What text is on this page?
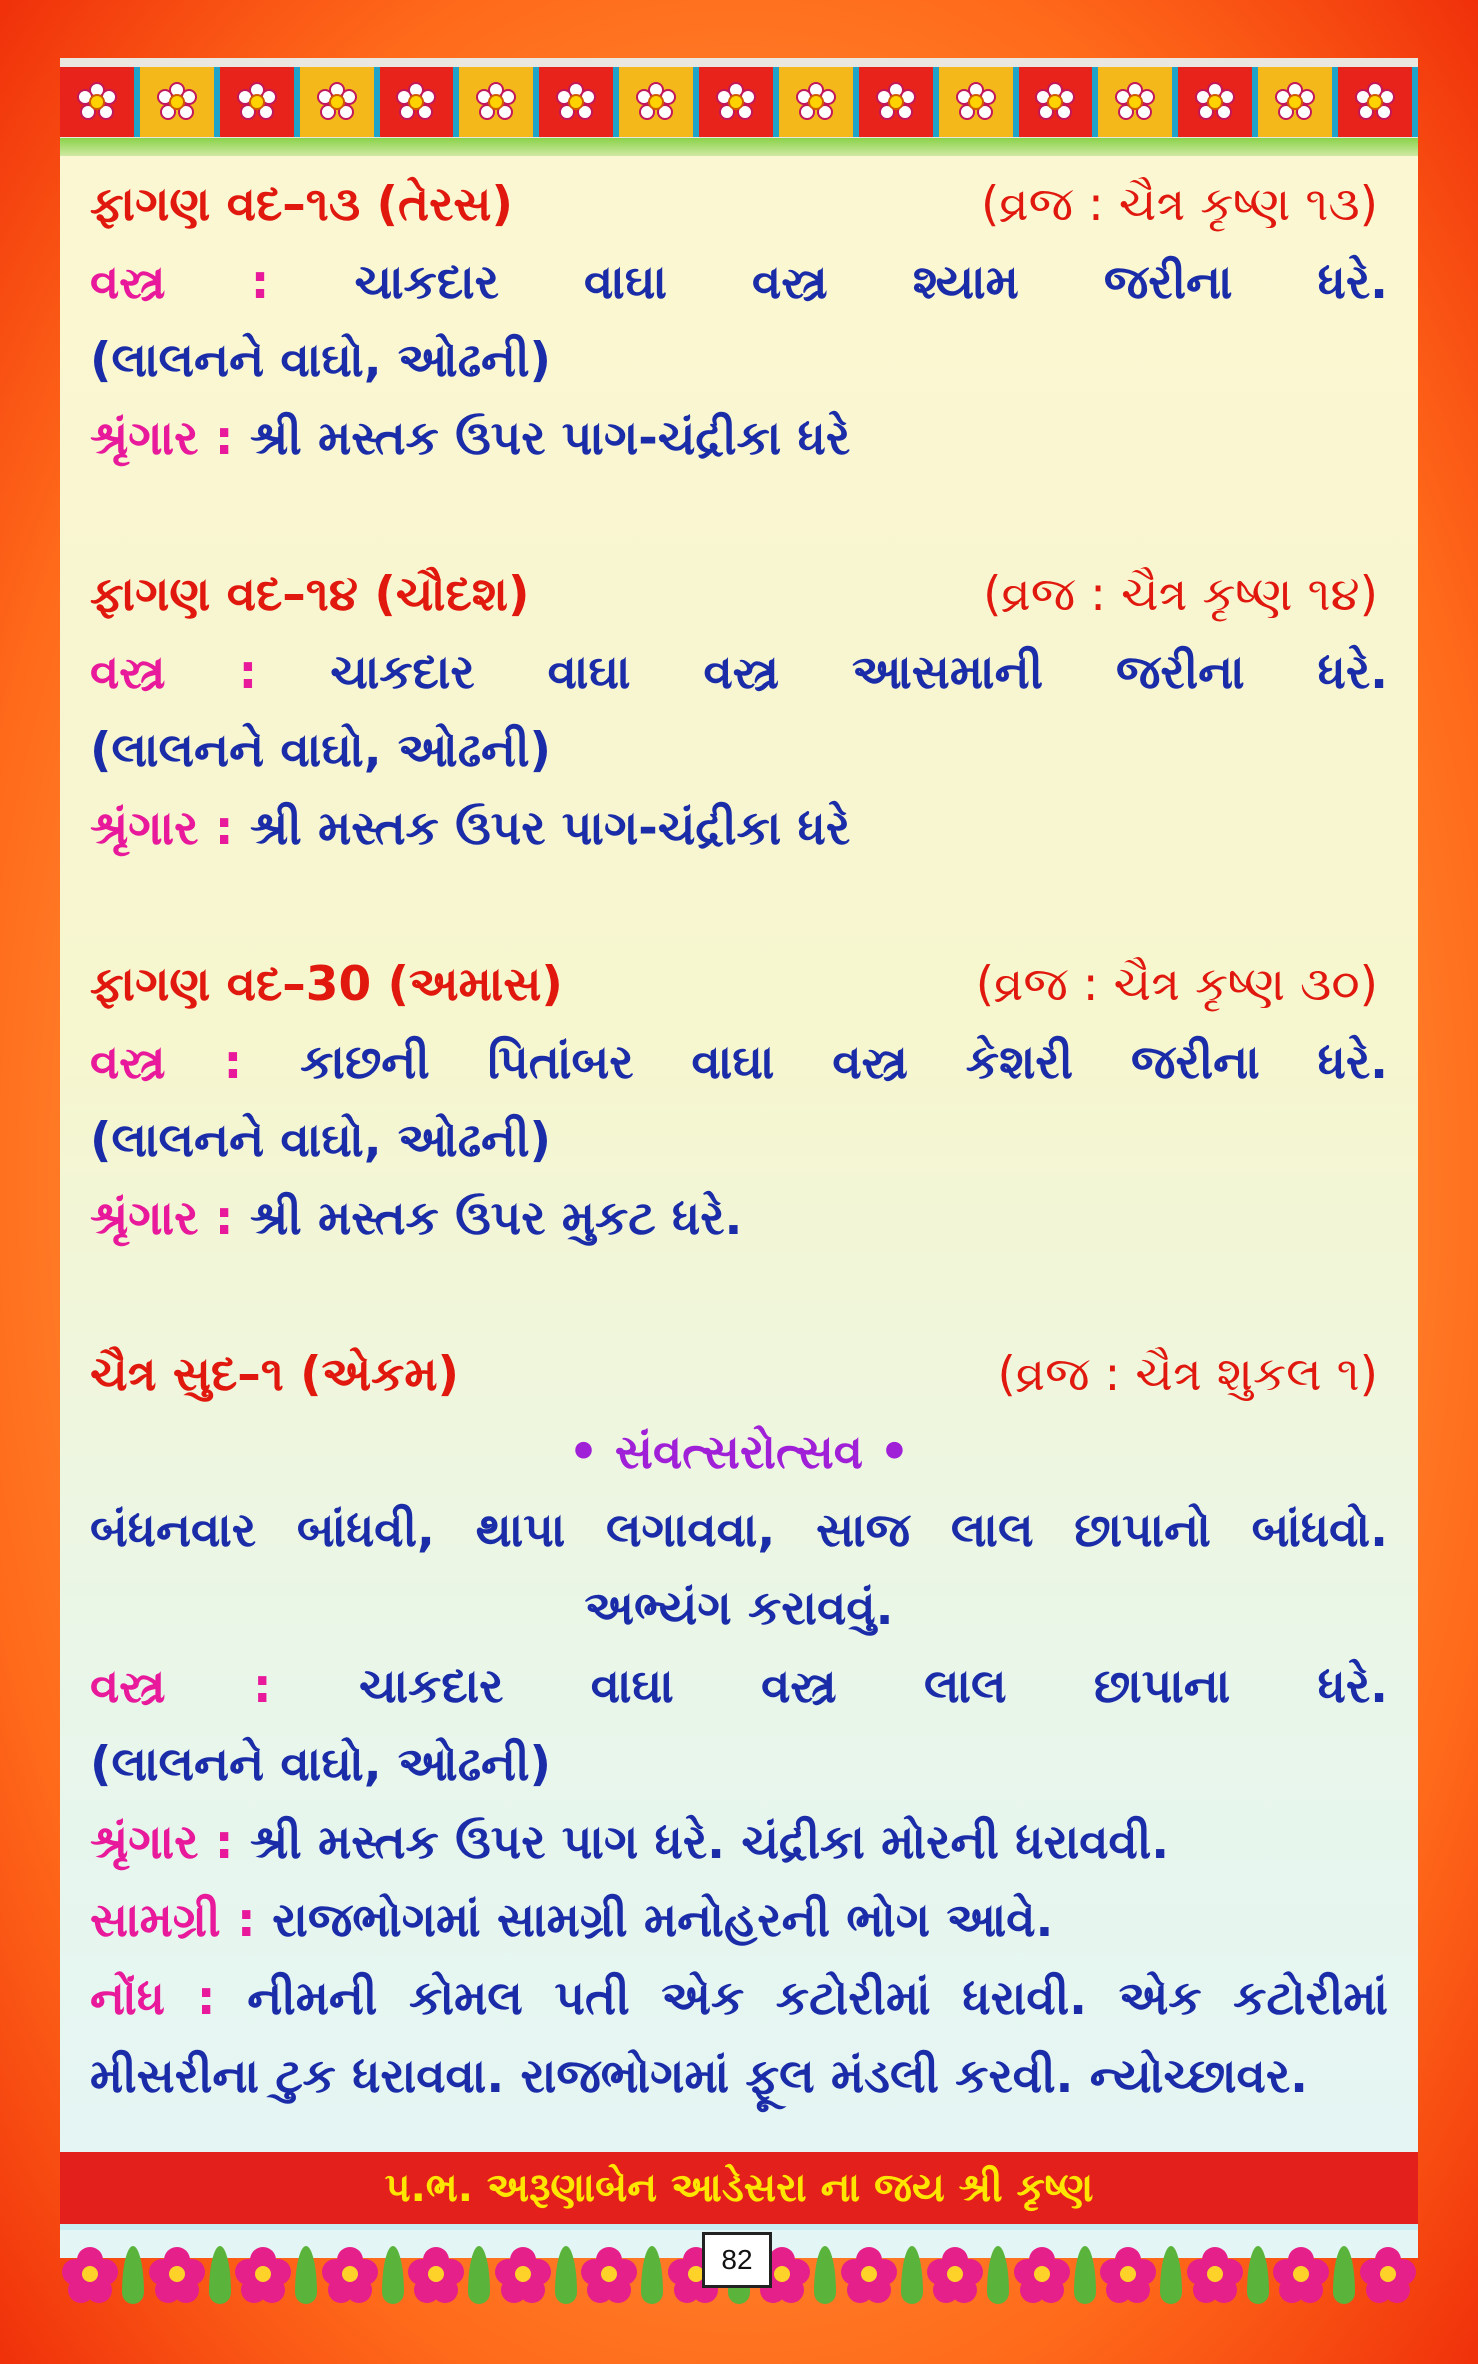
ફાગણ વદ–૧૩ (તેરસ)	(વ્રજ : ચૈત્ર કૃષ્ણ ૧૩)
વસ્ત્ર : ચાકદાર વાઘા વસ્ત્ર શ્યામ જરીના ધરે.
(લાલનને વાઘો, ઓઢની)
શ્રૃંગાર : શ્રી મસ્તક ઉપર પાગ-ચંદ્રીકા ધરે
ફાગણ વદ–૧૪ (ચૌદશ)	(વ્રજ : ચૈત્ર કૃષ્ણ ૧૪)
વસ્ત્ર : ચાકદાર વાઘા વસ્ત્ર આસમાની જરીના ધરે.
(લાલનને વાઘો, ઓઢની)
શ્રૃંગાર : શ્રી મસ્તક ઉપર પાગ-ચંદ્રીકા ધરે
ફાગણ વદ–30 (અમાસ)	(વ્રજ : ચૈત્ર કૃષ્ણ ૩૦)
વસ્ત્ર : કાછની પિતાંબર વાઘા વસ્ત્ર કેશરી જરીના ધરે.
(લાલનને વાઘો, ઓઢની)
શ્રૃંગાર : શ્રી મસ્તક ઉપર મુકટ ધરે.
ચૈત્ર સુદ–૧ (એકમ)	(વ્રજ : ચૈત્ર શુકલ ૧)
• સંવત્સરોત્સવ •
બંધનવાર બાંધવી, થાપા લગાવવા, સાજ લાલ છાપાનો બાંધવો.
અભ્યંગ કરાવવું.
વસ્ત્ર : ચાકદાર વાઘા વસ્ત્ર લાલ છાપાના ધરે.
(લાલનને વાઘો, ઓઢની)
શ્રૃંગાર : શ્રી મસ્તક ઉપર પાગ ધરે. ચંદ્રીકા મોરની ધરાવવી.
સામગ્રી : રાજભોગમાં સામગ્રી મનોહરની ભોગ આવે.
નોંધ : નીમની કોમલ પતી એક કટોરીમાં ધરાવી. એક કટોરીમાં
મીસરીના ટુક ધરાવવા. રાજભોગમાં ફૂલ મંડલી કરવી. ન્યોચ્છાવર.
પ.ભ. અરૂણાબેન આડેસરા ના જય શ્રી કૃષ્ણ
82
